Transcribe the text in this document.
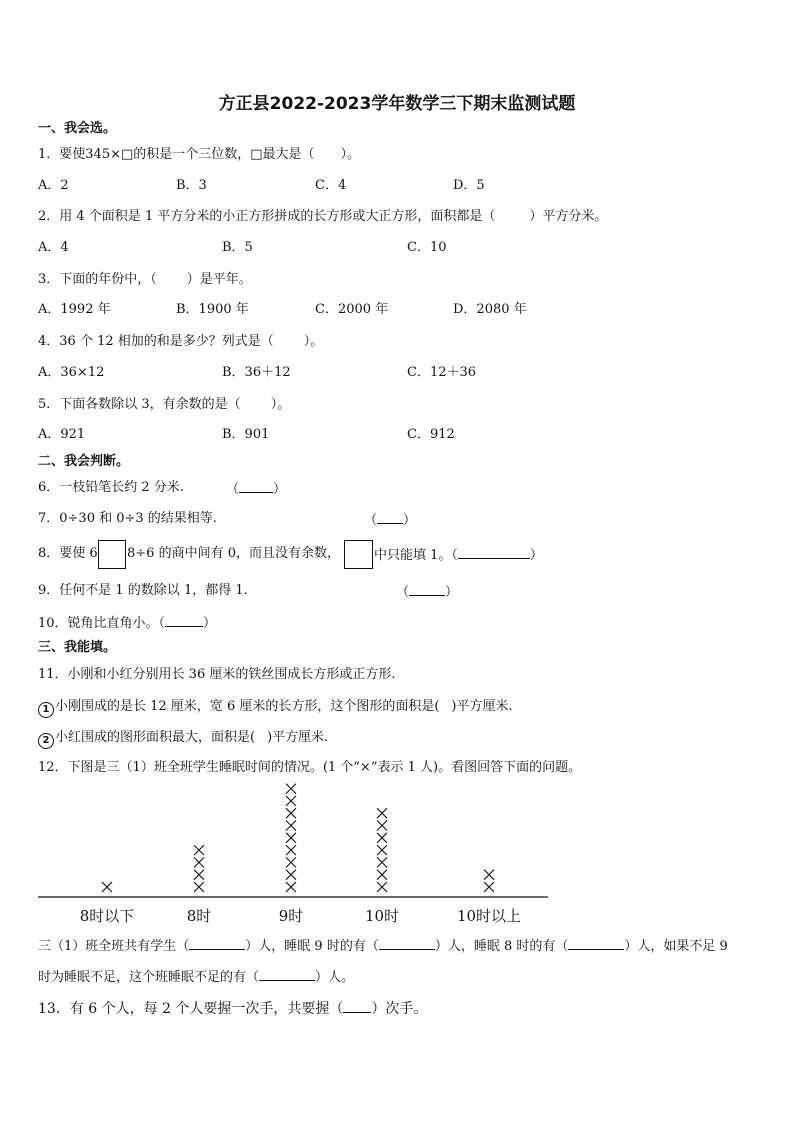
方正县2022-2023学年数学三下期末监测试题
一、我会选。
1．要使345×□的积是一个三位数，□最大是（　　）。
A．2	B．3	C．4	D．5
2．用 4 个面积是 1 平方分米的小正方形拼成的长方形或大正方形，面积都是（	）平方分米。
A．4	B．5	C．10
3．下面的年份中，（ ）是平年。
A．1992 年	B．1900 年	C．2000 年	D．2080 年
4．36 个 12 相加的和是多少？列式是（ ）。
A．36×12	B．36＋12	C．12＋36
5．下面各数除以 3，有余数的是（ ）。
A．921	B．901	C．912
二、我会判断。
6．一枝铅笔长约 2 分米.	（	）
7．0÷30 和 0÷3 的结果相等.	（ ）
8．要使 6 8÷6 的商中间有 0，而且没有余数，	中只能填 1。（	）
9．任何不是 1 的数除以 1，都得 1.	（	）
10．锐角比直角小。（	）
三、我能填。
11．小刚和小红分别用长 36 厘米的铁丝围成长方形或正方形.
1 小刚围成的是长 12 厘米，宽 6 厘米的长方形，这个图形的面积是( )平方厘米.
2 小红围成的图形面积最大，面积是( )平方厘米.
12．下图是三（1）班全班学生睡眠时间的情况。(1 个“×”表示 1 人)。看图回答下面的问题。
8时以下	8时	9时	10时	10时以上
三（1）班全班共有学生（	）人，睡眠 9 时的有（	）人，睡眠 8 时的有（	）人，如果不足 9
时为睡眠不足，这个班睡眠不足的有（	）人。
13．有 6 个人，每 2 个人要握一次手，共要握（ ）次手。
